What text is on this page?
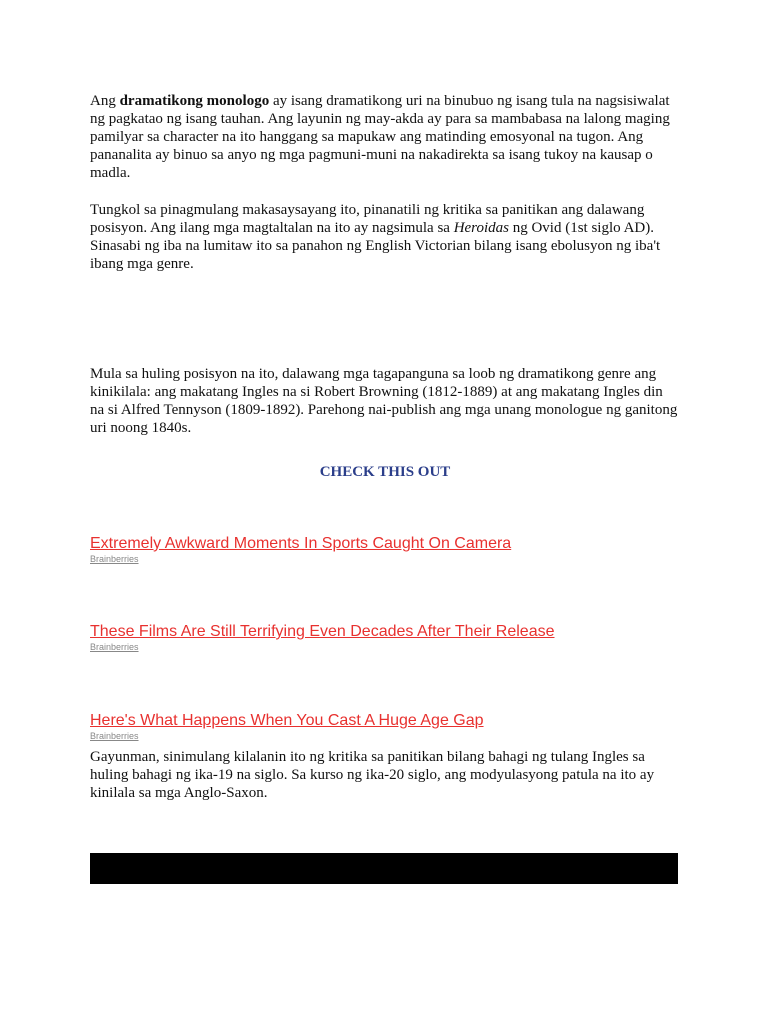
Ang dramatikong monologo ay isang dramatikong uri na binubuo ng isang tula na nagsisiwalat ng pagkatao ng isang tauhan. Ang layunin ng may-akda ay para sa mambabasa na lalong maging pamilyar sa character na ito hanggang sa mapukaw ang matinding emosyonal na tugon. Ang pananalita ay binuo sa anyo ng mga pagmuni-muni na nakadirekta sa isang tukoy na kausap o madla.

Tungkol sa pinagmulang makasaysayang ito, pinanatili ng kritika sa panitikan ang dalawang posisyon. Ang ilang mga magtaltalan na ito ay nagsimula sa Heroidas ng Ovid (1st siglo AD). Sinasabi ng iba na lumitaw ito sa panahon ng English Victorian bilang isang ebolusyon ng iba't ibang mga genre.

Mula sa huling posisyon na ito, dalawang mga tagapanguna sa loob ng dramatikong genre ang kinikilala: ang makatang Ingles na si Robert Browning (1812-1889) at ang makatang Ingles din na si Alfred Tennyson (1809-1892). Parehong nai-publish ang mga unang monologue ng ganitong uri noong 1840s.

CHECK THIS OUT

Extremely Awkward Moments In Sports Caught On Camera
Brainberries
These Films Are Still Terrifying Even Decades After Their Release
Brainberries
Here's What Happens When You Cast A Huge Age Gap
Brainberries

Gayunman, sinimulang kilalanin ito ng kritika sa panitikan bilang bahagi ng tulang Ingles sa huling bahagi ng ika-19 na siglo. Sa kurso ng ika-20 siglo, ang modyulasyong patula na ito ay kinilala sa mga Anglo-Saxon.
